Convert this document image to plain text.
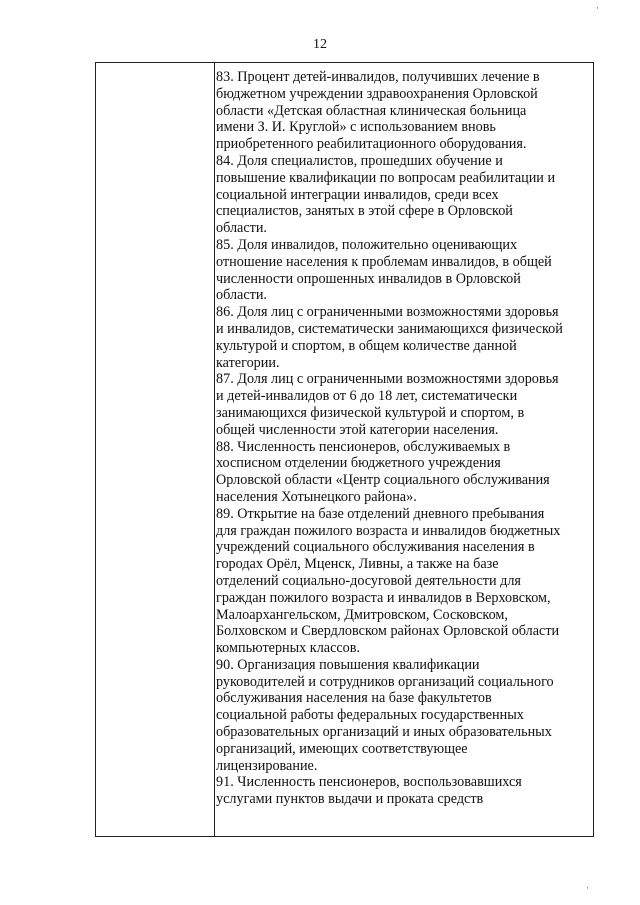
12
83. Процент детей-инвалидов, получивших лечение в
бюджетном учреждении здравоохранения Орловской
области «Детская областная клиническая больница
имени З. И. Круглой» с использованием вновь
приобретенного реабилитационного оборудования.
84. Доля специалистов, прошедших обучение и
повышение квалификации по вопросам реабилитации и
социальной интеграции инвалидов, среди всех
специалистов, занятых в этой сфере в Орловской
области.
85. Доля инвалидов, положительно оценивающих
отношение населения к проблемам инвалидов, в общей
численности опрошенных инвалидов в Орловской
области.
86. Доля лиц с ограниченными возможностями здоровья
и инвалидов, систематически занимающихся физической
культурой и спортом, в общем количестве данной
категории.
87. Доля лиц с ограниченными возможностями здоровья
и детей-инвалидов от 6 до 18 лет, систематически
занимающихся физической культурой и спортом, в
общей численности этой категории населения.
88. Численность пенсионеров, обслуживаемых в
хосписном отделении бюджетного учреждения
Орловской области «Центр социального обслуживания
населения Хотынецкого района».
89. Открытие на базе отделений дневного пребывания
для граждан пожилого возраста и инвалидов бюджетных
учреждений социального обслуживания населения в
городах Орёл, Мценск, Ливны, а также на базе
отделений социально-досуговой деятельности для
граждан пожилого возраста и инвалидов в Верховском,
Малоархангельском, Дмитровском, Сосковском,
Болховском и Свердловском районах Орловской области
компьютерных классов.
90. Организация повышения квалификации
руководителей и сотрудников организаций социального
обслуживания населения на базе факультетов
социальной работы федеральных государственных
образовательных организаций и иных образовательных
организаций, имеющих соответствующее
лицензирование.
91. Численность пенсионеров, воспользовавшихся
услугами пунктов выдачи и проката средств
·
·
